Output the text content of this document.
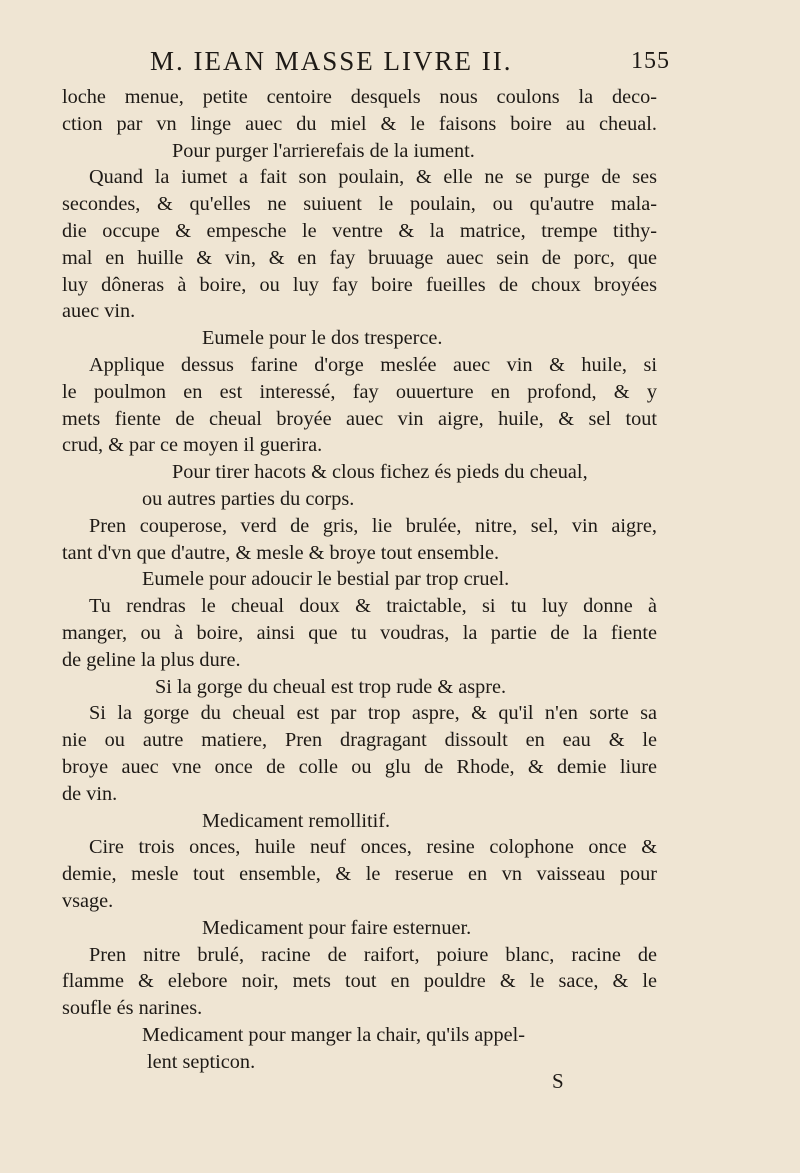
M. IEAN MASSE LIVRE II.	155
loche menue, petite centoire desquels nous coulons la deco-
ction par vn linge auec du miel & le faisons boire au cheual.
Pour purger l'arrierefais de la iument.
Quand la iumet a fait son poulain, & elle ne se purge de ses
secondes, & qu'elles ne suiuent le poulain, ou qu'autre mala-
die occupe & empesche le ventre & la matrice, trempe tithy-
mal en huille & vin, & en fay bruuage auec sein de porc, que
luy dôneras à boire, ou luy fay boire fueilles de choux broyées
auec vin.
Eumele pour le dos tresperce.
Applique dessus farine d'orge meslée auec vin & huile, si
le poulmon en est interessé, fay ouuerture en profond, & y
mets fiente de cheual broyée auec vin aigre, huile, & sel tout
crud, & par ce moyen il guerira.
Pour tirer hacots & clous fichez és pieds du cheual,
ou autres parties du corps.
Pren couperose, verd de gris, lie brulée, nitre, sel, vin aigre,
tant d'vn que d'autre, & mesle & broye tout ensemble.
Eumele pour adoucir le bestial par trop cruel.
Tu rendras le cheual doux & traictable, si tu luy donne à
manger, ou à boire, ainsi que tu voudras, la partie de la fiente
de geline la plus dure.
Si la gorge du cheual est trop rude & aspre.
Si la gorge du cheual est par trop aspre, & qu'il n'en sorte sa
nie ou autre matiere, Pren dragragant dissoult en eau & le
broye auec vne once de colle ou glu de Rhode, & demie liure
de vin.
Medicament remollitif.
Cire trois onces, huile neuf onces, resine colophone once &
demie, mesle tout ensemble, & le reserue en vn vaisseau pour
vsage.
Medicament pour faire esternuer.
Pren nitre brulé, racine de raifort, poiure blanc, racine de
flamme & elebore noir, mets tout en pouldre & le sace, & le
soufle és narines.
Medicament pour manger la chair, qu'ils appel-
lent septicon.
S
